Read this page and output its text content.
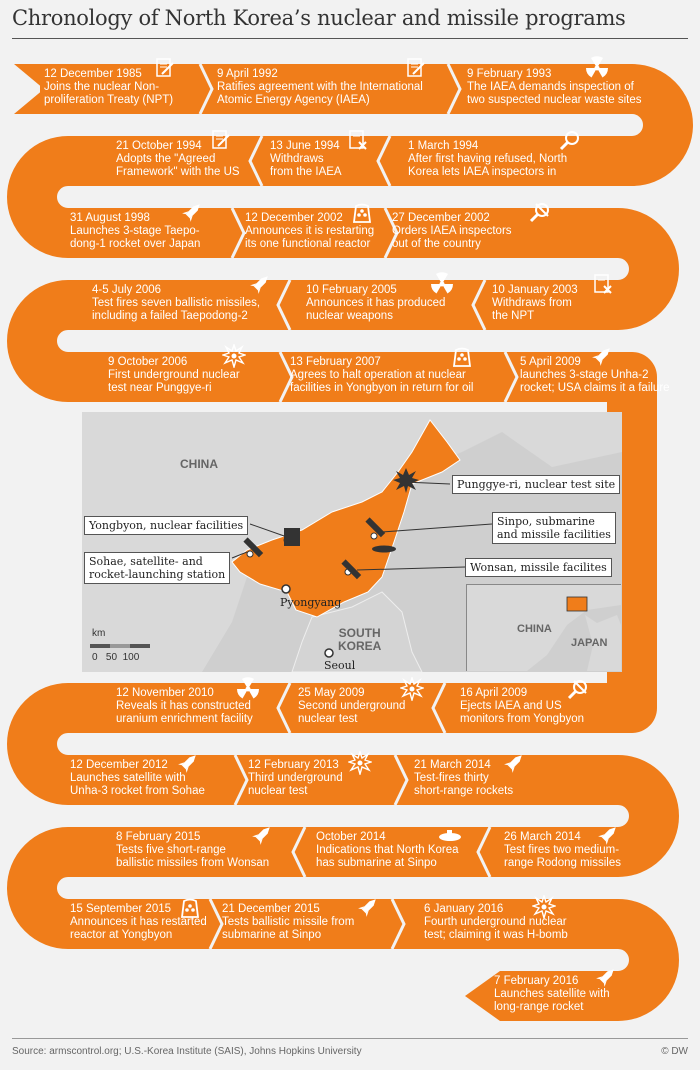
Chronology of North Korea’s nuclear and missile programs
CHINA
SOUTH
KOREA
Pyongyang
Seoul
km
0   50  100
Punggye-ri, nuclear test site
Yongbyon, nuclear facilities
Sohae, satellite- and
rocket-launching station
Sinpo, submarine
and missile facilities
Wonsan, missile facilites
CHINA
JAPAN
12 December 1985
Joins the nuclear Non-
proliferation Treaty (NPT)
9 April 1992
Ratifies agreement with the International
Atomic Energy Agency (IAEA)
9 February 1993
The IAEA demands inspection of
two suspected nuclear waste sites
21 October 1994
Adopts the "Agreed
Framework" with the US
13 June 1994
Withdraws
from the IAEA
1 March 1994
After first having refused, North
Korea lets IAEA inspectors in
31 August 1998
Launches 3-stage Taepo-
dong-1 rocket over Japan
12 December 2002
Announces it is restarting
its one functional reactor
27 December 2002
Orders IAEA inspectors
out of the country
4-5 July 2006
Test fires seven ballistic missiles,
including a failed Taepodong-2
10 February 2005
Announces it has produced
nuclear weapons
10 January 2003
Withdraws from
the NPT
9 October 2006
First underground nuclear
test near Punggye-ri
13 February 2007
Agrees to halt operation at nuclear
facilities in Yongbyon in return for oil
5 April 2009
launches 3-stage Unha-2
rocket; USA claims it a failure
12 November 2010
Reveals it has constructed
uranium enrichment facility
25 May 2009
Second underground
nuclear test
16 April 2009
Ejects IAEA and US
monitors from Yongbyon
12 December 2012
Launches satellite with
Unha-3 rocket from Sohae
12 February 2013
Third underground
nuclear test
21 March 2014
Test-fires thirty
short-range rockets
8 February 2015
Tests five short-range
ballistic missiles from Wonsan
October 2014
Indications that North Korea
has submarine at Sinpo
26 March 2014
Test fires two medium-
range Rodong missiles
15 September 2015
Announces it has restarted
reactor at Yongbyon
21 December 2015
Tests ballistic missile from
submarine at Sinpo
6 January 2016
Fourth underground nuclear
test; claiming it was H-bomb
7 February 2016
Launches satellite with
long-range rocket
Source: armscontrol.org; U.S.-Korea Institute (SAIS), Johns Hopkins University	© DW
